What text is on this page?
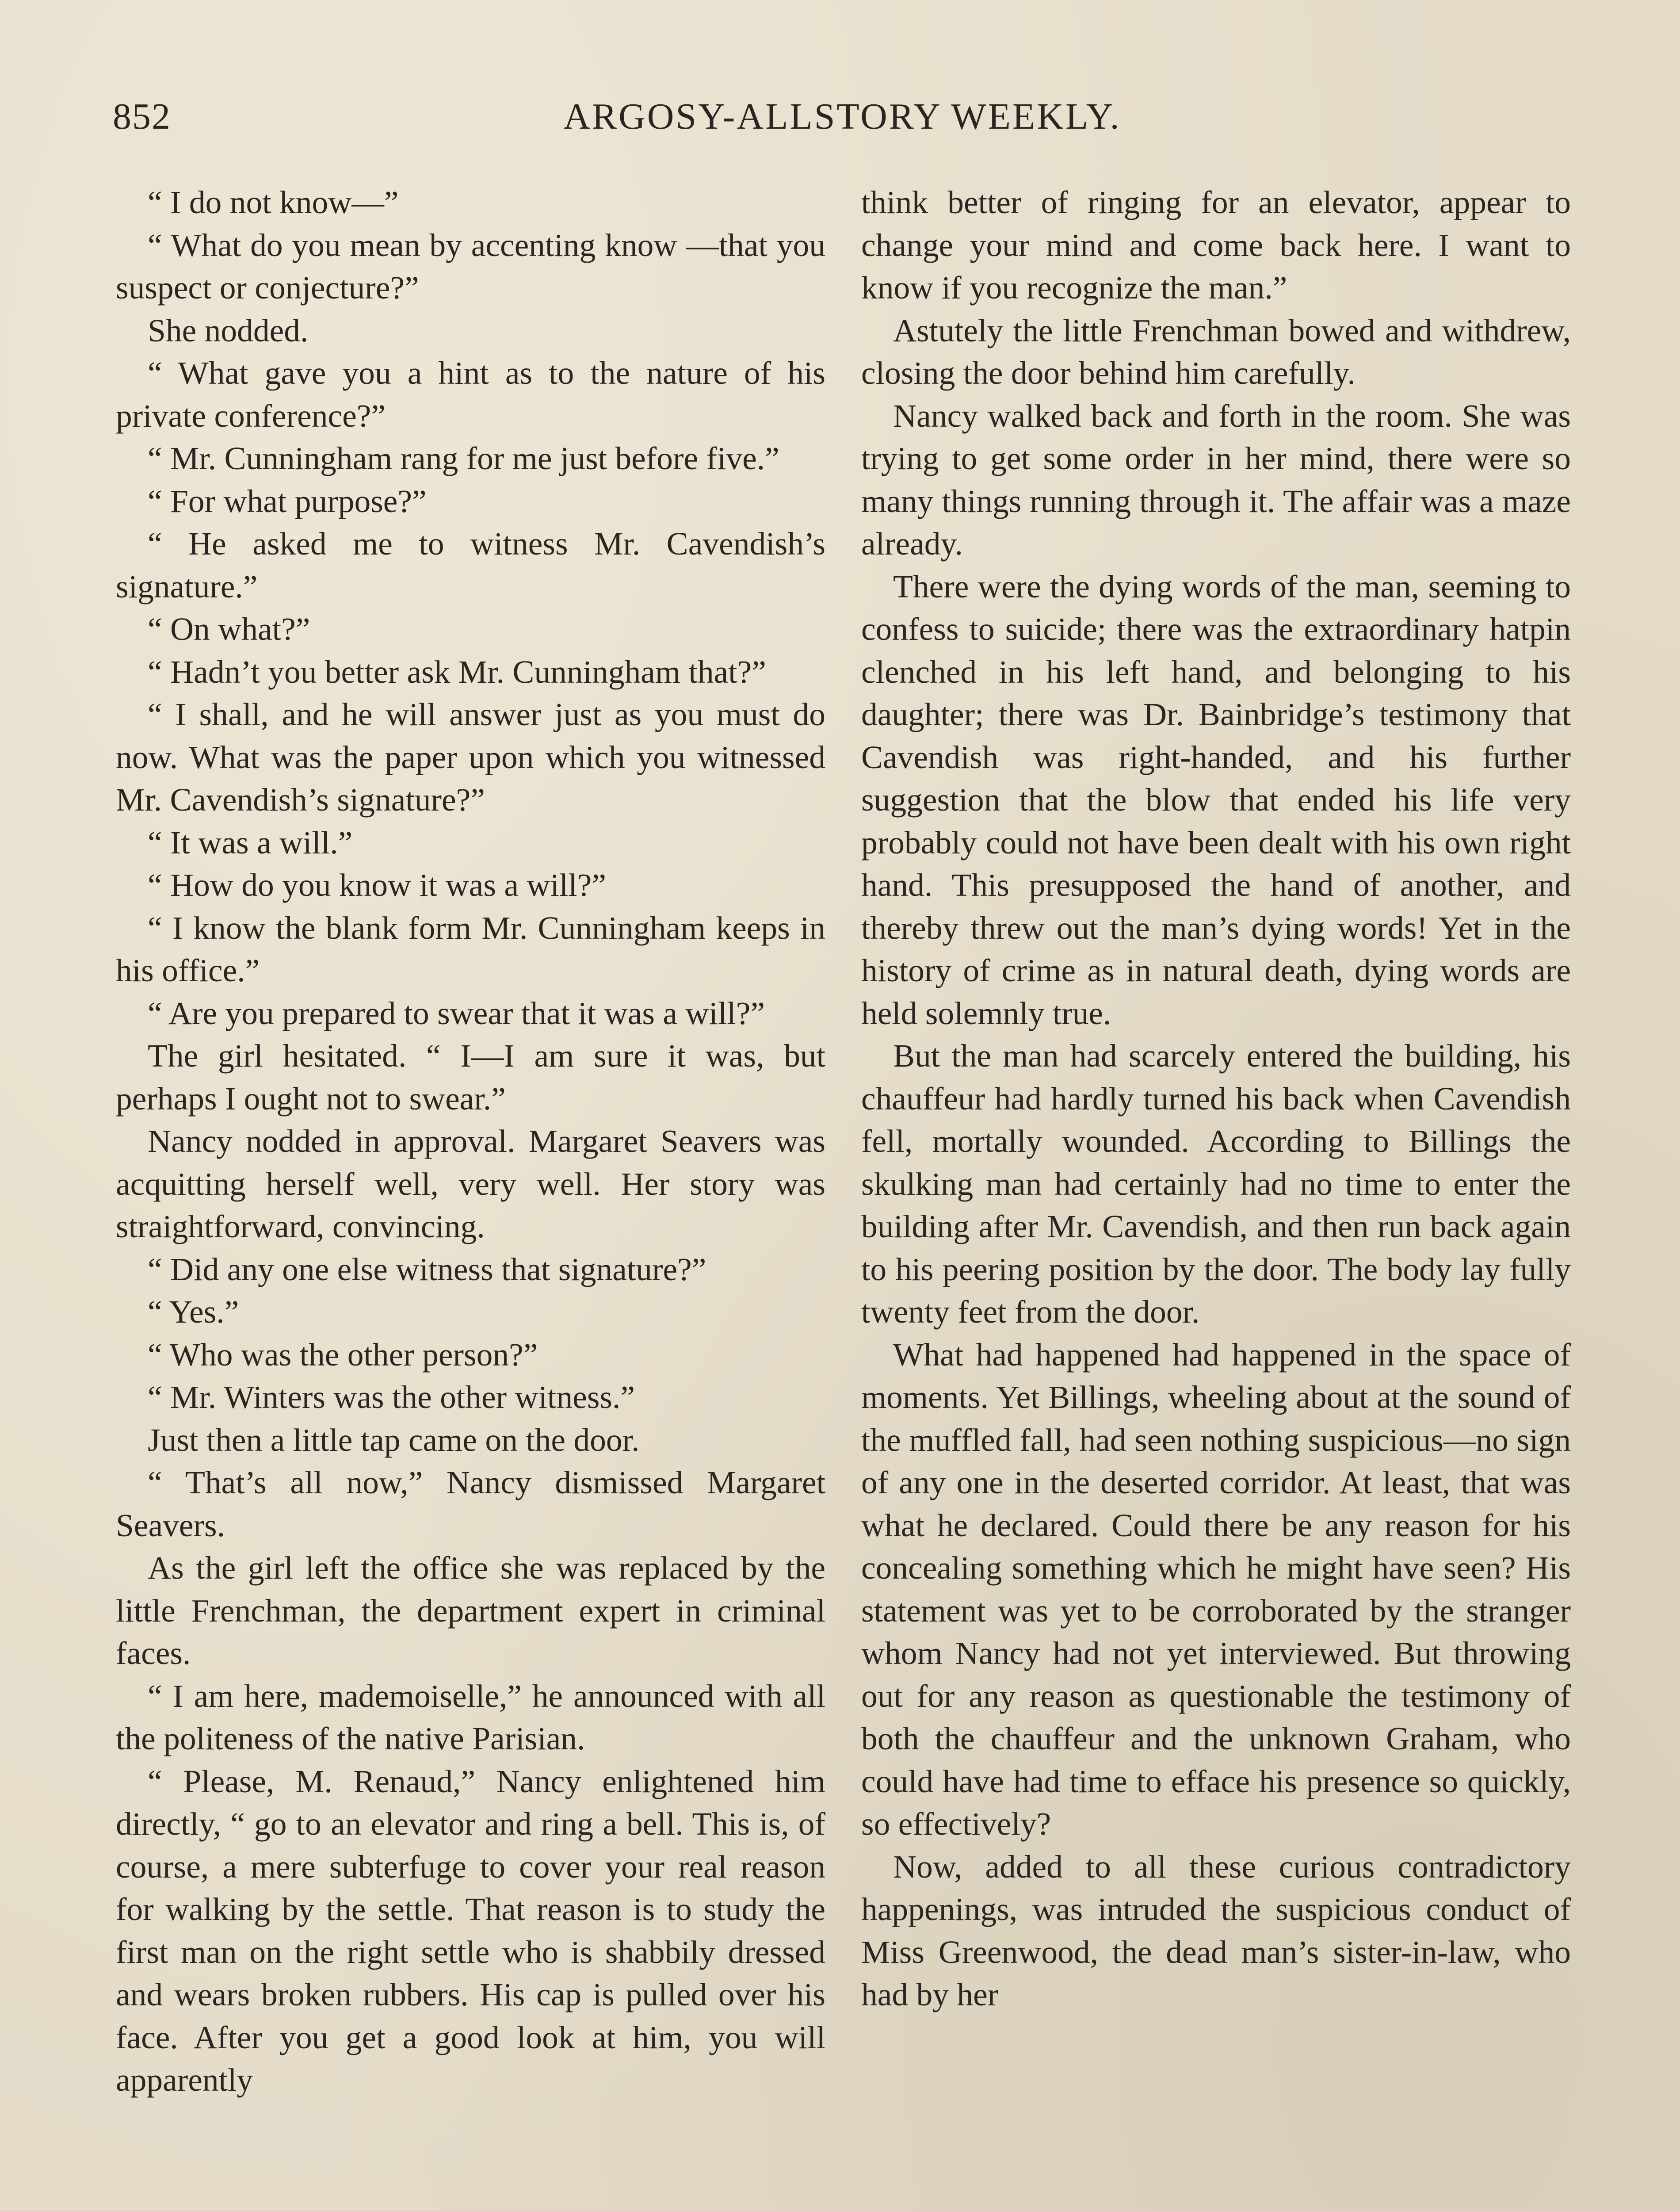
852	ARGOSY-ALLSTORY WEEKLY.

“ I do not know—”

“ What do you mean by accenting know —that you suspect or conjecture?”

She nodded.

“ What gave you a hint as to the nature of his private conference?”

“ Mr. Cunningham rang for me just before five.”

“ For what purpose?”

“ He asked me to witness Mr. Cavendish’s signature.”

“ On what?”

“ Hadn’t you better ask Mr. Cunningham that?”

“ I shall, and he will answer just as you must do now. What was the paper upon which you witnessed Mr. Cavendish’s signature?”

“ It was a will.”

“ How do you know it was a will?”

“ I know the blank form Mr. Cunningham keeps in his office.”

“ Are you prepared to swear that it was a will?”

The girl hesitated. “ I—I am sure it was, but perhaps I ought not to swear.”

Nancy nodded in approval. Margaret Seavers was acquitting herself well, very well. Her story was straightforward, convincing.

“ Did any one else witness that signature?”

“ Yes.”

“ Who was the other person?”

“ Mr. Winters was the other witness.”

Just then a little tap came on the door.

“ That’s all now,” Nancy dismissed Margaret Seavers.

As the girl left the office she was replaced by the little Frenchman, the department expert in criminal faces.

“ I am here, mademoiselle,” he announced with all the politeness of the native Parisian.

“ Please, M. Renaud,” Nancy enlightened him directly, “ go to an elevator and ring a bell. This is, of course, a mere subterfuge to cover your real reason for walking by the settle. That reason is to study the first man on the right settle who is shabbily dressed and wears broken rubbers. His cap is pulled over his face. After you get a good look at him, you will apparently

think better of ringing for an elevator, appear to change your mind and come back here. I want to know if you recognize the man.”

Astutely the little Frenchman bowed and withdrew, closing the door behind him carefully.

Nancy walked back and forth in the room. She was trying to get some order in her mind, there were so many things running through it. The affair was a maze already.

There were the dying words of the man, seeming to confess to suicide; there was the extraordinary hatpin clenched in his left hand, and belonging to his daughter; there was Dr. Bainbridge’s testimony that Cavendish was right-handed, and his further suggestion that the blow that ended his life very probably could not have been dealt with his own right hand. This presupposed the hand of another, and thereby threw out the man’s dying words! Yet in the history of crime as in natural death, dying words are held solemnly true.

But the man had scarcely entered the building, his chauffeur had hardly turned his back when Cavendish fell, mortally wounded. According to Billings the skulking man had certainly had no time to enter the building after Mr. Cavendish, and then run back again to his peering position by the door. The body lay fully twenty feet from the door.

What had happened had happened in the space of moments. Yet Billings, wheeling about at the sound of the muffled fall, had seen nothing suspicious—no sign of any one in the deserted corridor. At least, that was what he declared. Could there be any reason for his concealing something which he might have seen? His statement was yet to be corroborated by the stranger whom Nancy had not yet interviewed. But throwing out for any reason as questionable the testimony of both the chauffeur and the unknown Graham, who could have had time to efface his presence so quickly, so effectively?

Now, added to all these curious contradictory happenings, was intruded the suspicious conduct of Miss Greenwood, the dead man’s sister-in-law, who had by her
